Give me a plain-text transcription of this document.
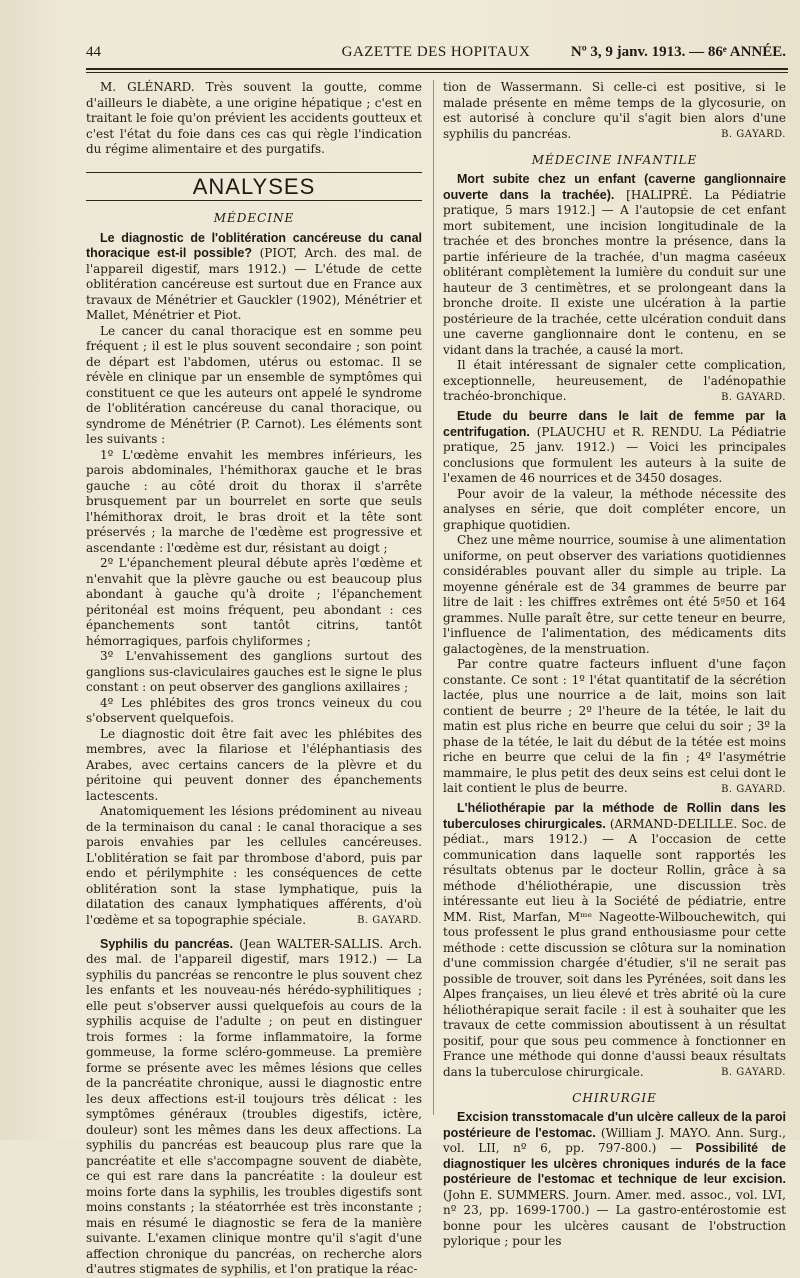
44	GAZETTE DES HOPITAUX	Nº 3, 9 janv. 1913. — 86ᵉ ANNÉE.

M. GLÉNARD. Très souvent la goutte, comme d'ailleurs le diabète, a une origine hépatique ; c'est en traitant le foie qu'on prévient les accidents goutteux et c'est l'état du foie dans ces cas qui règle l'indication du régime alimentaire et des purgatifs.

ANALYSES
MÉDECINE

Le diagnostic de l'oblitération cancéreuse du canal thoracique est-il possible? (PIOT, Arch. des mal. de l'appareil digestif, mars 1912.) — L'étude de cette oblitération cancéreuse est surtout due en France aux travaux de Ménétrier et Gauckler (1902), Ménétrier et Mallet, Ménétrier et Piot.

Le cancer du canal thoracique est en somme peu fréquent ; il est le plus souvent secondaire ; son point de départ est l'abdomen, utérus ou estomac. Il se révèle en clinique par un ensemble de symptômes qui constituent ce que les auteurs ont appelé le syndrome de l'oblitération cancéreuse du canal thoracique, ou syndrome de Ménétrier (P. Carnot). Les éléments sont les suivants :

1º L'œdème envahit les membres inférieurs, les parois abdominales, l'hémithorax gauche et le bras gauche : au côté droit du thorax il s'arrête brusquement par un bourrelet en sorte que seuls l'hémithorax droit, le bras droit et la tête sont préservés ; la marche de l'œdème est progressive et ascendante : l'œdème est dur, résistant au doigt ;

2º L'épanchement pleural débute après l'œdème et n'envahit que la plèvre gauche ou est beaucoup plus abondant à gauche qu'à droite ; l'épanchement péritonéal est moins fréquent, peu abondant : ces épanchements sont tantôt citrins, tantôt hémorragiques, parfois chyliformes ;

3º L'envahissement des ganglions surtout des ganglions sus-claviculaires gauches est le signe le plus constant : on peut observer des ganglions axillaires ;

4º Les phlébites des gros troncs veineux du cou s'observent quelquefois.

Le diagnostic doit être fait avec les phlébites des membres, avec la filariose et l'éléphantiasis des Arabes, avec certains cancers de la plèvre et du péritoine qui peuvent donner des épanchements lactescents.

Anatomiquement les lésions prédominent au niveau de la terminaison du canal : le canal thoracique a ses parois envahies par les cellules cancéreuses. L'oblitération se fait par thrombose d'abord, puis par endo et périlymphite : les conséquences de cette oblitération sont la stase lymphatique, puis la dilatation des canaux lymphatiques afférents, d'où l'œdème et sa topographie spéciale.	B. GAYARD.

Syphilis du pancréas. (Jean WALTER-SALLIS. Arch. des mal. de l'appareil digestif, mars 1912.) — La syphilis du pancréas se rencontre le plus souvent chez les enfants et les nouveau-nés hérédo-syphilitiques ; elle peut s'observer aussi quelquefois au cours de la syphilis acquise de l'adulte ; on peut en distinguer trois formes : la forme inflammatoire, la forme gommeuse, la forme scléro-gommeuse. La première forme se présente avec les mêmes lésions que celles de la pancréatite chronique, aussi le diagnostic entre les deux affections est-il toujours très délicat : les symptômes généraux (troubles digestifs, ictère, douleur) sont les mêmes dans les deux affections. La syphilis du pancréas est beaucoup plus rare que la pancréatite et elle s'accompagne souvent de diabète, ce qui est rare dans la pancréatite : la douleur est moins forte dans la syphilis, les troubles digestifs sont moins constants ; la stéatorrhée est très inconstante ; mais en résumé le diagnostic se fera de la manière suivante. L'examen clinique montre qu'il s'agit d'une affection chronique du pancréas, on recherche alors d'autres stigmates de syphilis, et l'on pratique la réac-

tion de Wassermann. Si celle-ci est positive, si le malade présente en même temps de la glycosurie, on est autorisé à conclure qu'il s'agit bien alors d'une syphilis du pancréas.	B. GAYARD.
MÉDECINE INFANTILE

Mort subite chez un enfant (caverne ganglionnaire ouverte dans la trachée). [HALIPRÉ. La Pédiatrie pratique, 5 mars 1912.] — A l'autopsie de cet enfant mort subitement, une incision longitudinale de la trachée et des bronches montre la présence, dans la partie inférieure de la trachée, d'un magma caséeux oblitérant complètement la lumière du conduit sur une hauteur de 3 centimètres, et se prolongeant dans la bronche droite. Il existe une ulcération à la partie postérieure de la trachée, cette ulcération conduit dans une caverne ganglionnaire dont le contenu, en se vidant dans la trachée, a causé la mort.

Il était intéressant de signaler cette complication, exceptionnelle, heureusement, de l'adénopathie trachéo-bronchique.	B. GAYARD.

Etude du beurre dans le lait de femme par la centrifugation. (PLAUCHU et R. RENDU. La Pédiatrie pratique, 25 janv. 1912.) — Voici les principales conclusions que formulent les auteurs à la suite de l'examen de 46 nourrices et de 3450 dosages.

Pour avoir de la valeur, la méthode nécessite des analyses en série, que doit compléter encore, un graphique quotidien.

Chez une même nourrice, soumise à une alimentation uniforme, on peut observer des variations quotidiennes considérables pouvant aller du simple au triple. La moyenne générale est de 34 grammes de beurre par litre de lait : les chiffres extrêmes ont été 5ᵍ50 et 164 grammes. Nulle paraît être, sur cette teneur en beurre, l'influence de l'alimentation, des médicaments dits galactogènes, de la menstruation.

Par contre quatre facteurs influent d'une façon constante. Ce sont : 1º l'état quantitatif de la sécrétion lactée, plus une nourrice a de lait, moins son lait contient de beurre ; 2º l'heure de la tétée, le lait du matin est plus riche en beurre que celui du soir ; 3º la phase de la tétée, le lait du début de la tétée est moins riche en beurre que celui de la fin ; 4º l'asymétrie mammaire, le plus petit des deux seins est celui dont le lait contient le plus de beurre.	B. GAYARD.

L'héliothérapie par la méthode de Rollin dans les tuberculoses chirurgicales. (ARMAND-DELILLE. Soc. de pédiat., mars 1912.) — A l'occasion de cette communication dans laquelle sont rapportés les résultats obtenus par le docteur Rollin, grâce à sa méthode d'héliothérapie, une discussion très intéressante eut lieu à la Société de pédiatrie, entre MM. Rist, Marfan, Mᵐᵉ Nageotte-Wilbouchewitch, qui tous professent le plus grand enthousiasme pour cette méthode : cette discussion se clôtura sur la nomination d'une commission chargée d'étudier, s'il ne serait pas possible de trouver, soit dans les Pyrénées, soit dans les Alpes françaises, un lieu élevé et très abrité où la cure héliothérapique serait facile : il est à souhaiter que les travaux de cette commission aboutissent à un résultat positif, pour que sous peu commence à fonctionner en France une méthode qui donne d'aussi beaux résultats dans la tuberculose chirurgicale.	B. GAYARD.
CHIRURGIE

Excision transstomacale d'un ulcère calleux de la paroi postérieure de l'estomac. (William J. MAYO. Ann. Surg., vol. LII, nº 6, pp. 797-800.) — Possibilité de diagnostiquer les ulcères chroniques indurés de la face postérieure de l'estomac et technique de leur excision. (John E. SUMMERS. Journ. Amer. med. assoc., vol. LVI, nº 23, pp. 1699-1700.) — La gastro-entérostomie est bonne pour les ulcères causant de l'obstruction pylorique ; pour les
